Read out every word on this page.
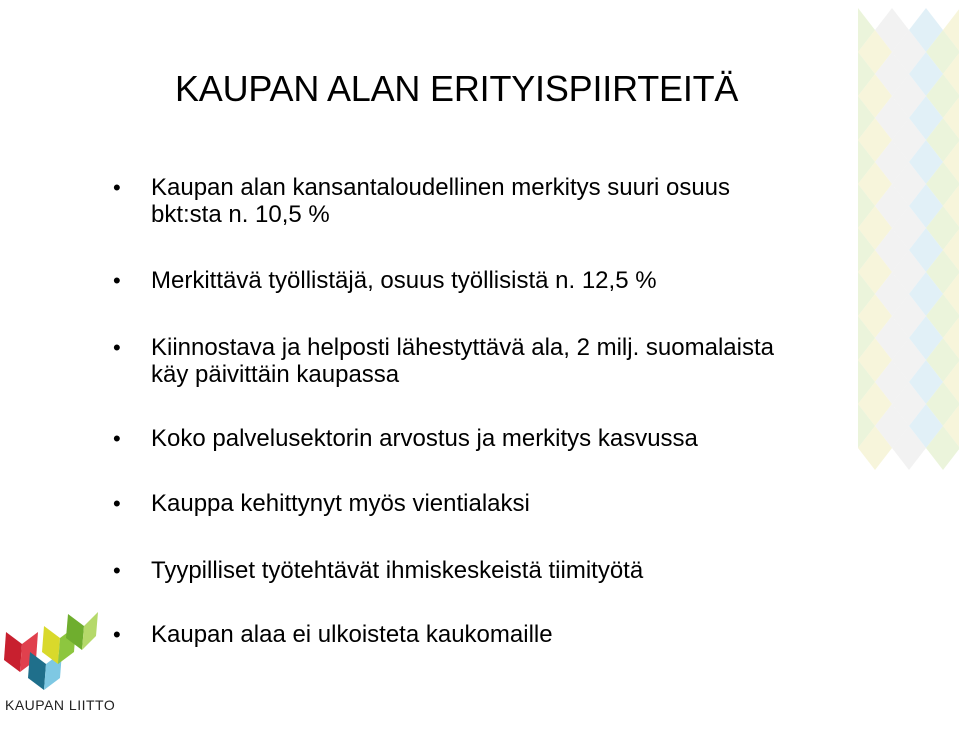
KAUPAN ALAN ERITYISPIIRTEITÄ
•	Kaupan alan kansantaloudellinen merkitys suuri osuus
bkt:sta n. 10,5 %
•	Merkittävä työllistäjä, osuus työllisistä n. 12,5 %
•	Kiinnostava ja helposti lähestyttävä ala, 2 milj. suomalaista
käy päivittäin kaupassa
•	Koko palvelusektorin arvostus ja merkitys kasvussa
•	Kauppa kehittynyt myös vientialaksi
•	Tyypilliset työtehtävät ihmiskeskeistä tiimityötä
•	Kaupan alaa ei ulkoisteta kaukomaille
KAUPAN LIITTO
